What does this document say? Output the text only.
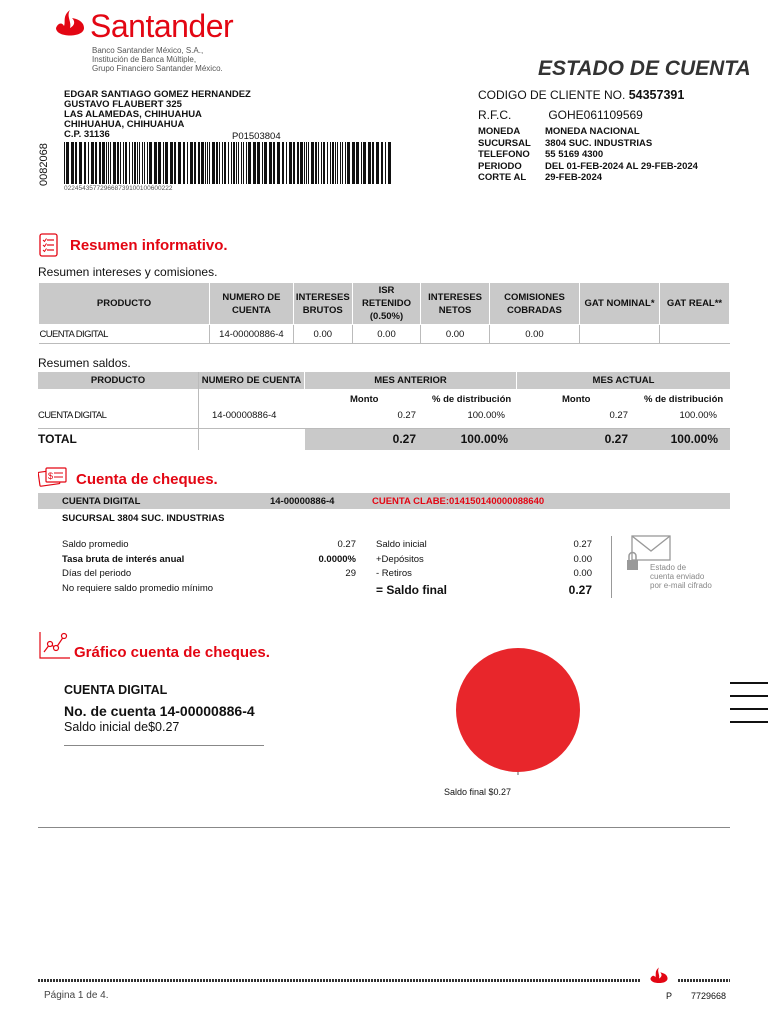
Santander
Banco Santander México, S.A.,
Institución de Banca Múltiple,
Grupo Financiero Santander México.	ESTADO DE CUENTA
EDGAR SANTIAGO GOMEZ HERNANDEZ
GUSTAVO FLAUBERT 325
LAS ALAMEDAS, CHIHUAHUA
CHIHUAHUA, CHIHUAHUA
C.P. 31136	P01503804
0082068
022454357729668739100100600222
CODIGO DE CLIENTE NO. 54357391
R.F.C.	GOHE061109569
MONEDA	MONEDA NACIONAL
SUCURSAL 3804 SUC. INDUSTRIAS
TELEFONO 55 5169 4300
PERIODO DEL 01-FEB-2024 AL 29-FEB-2024
CORTE AL 29-FEB-2024
Resumen informativo.
Resumen intereses y comisiones.
PRODUCTO	NUMERO DE CUENTA	INTERESES BRUTOS	ISR RETENIDO (0.50%)	INTERESES NETOS	COMISIONES COBRADAS	GAT NOMINAL*	GAT REAL**
CUENTA DIGITAL	14-00000886-4	0.00	0.00	0.00	0.00		
Resumen saldos.
PRODUCTO	NUMERO DE CUENTA	MES ANTERIOR	MES ACTUAL
Monto	% de distribución	Monto	% de distribución
CUENTA DIGITAL	14-00000886-4	0.27	100.00%	0.27	100.00%
TOTAL	0.27	100.00%	0.27	100.00%
$ Cuenta de cheques.
CUENTA DIGITAL	14-00000886-4	CUENTA CLABE:014150140000088640
SUCURSAL 3804 SUC. INDUSTRIAS
Saldo promedio	0.27
Tasa bruta de interés anual	0.0000%
Días del periodo	29
No requiere saldo promedio mínimo
Saldo inicial	0.27
+Depósitos	0.00
- Retiros	0.00
= Saldo final	0.27
Estado de
cuenta enviado
por e-mail cifrado
Gráfico cuenta de cheques.
CUENTA DIGITAL
No. de cuenta 14-00000886-4
Saldo inicial de$0.27
Saldo final $0.27
Página 1 de 4.	P 7729668
